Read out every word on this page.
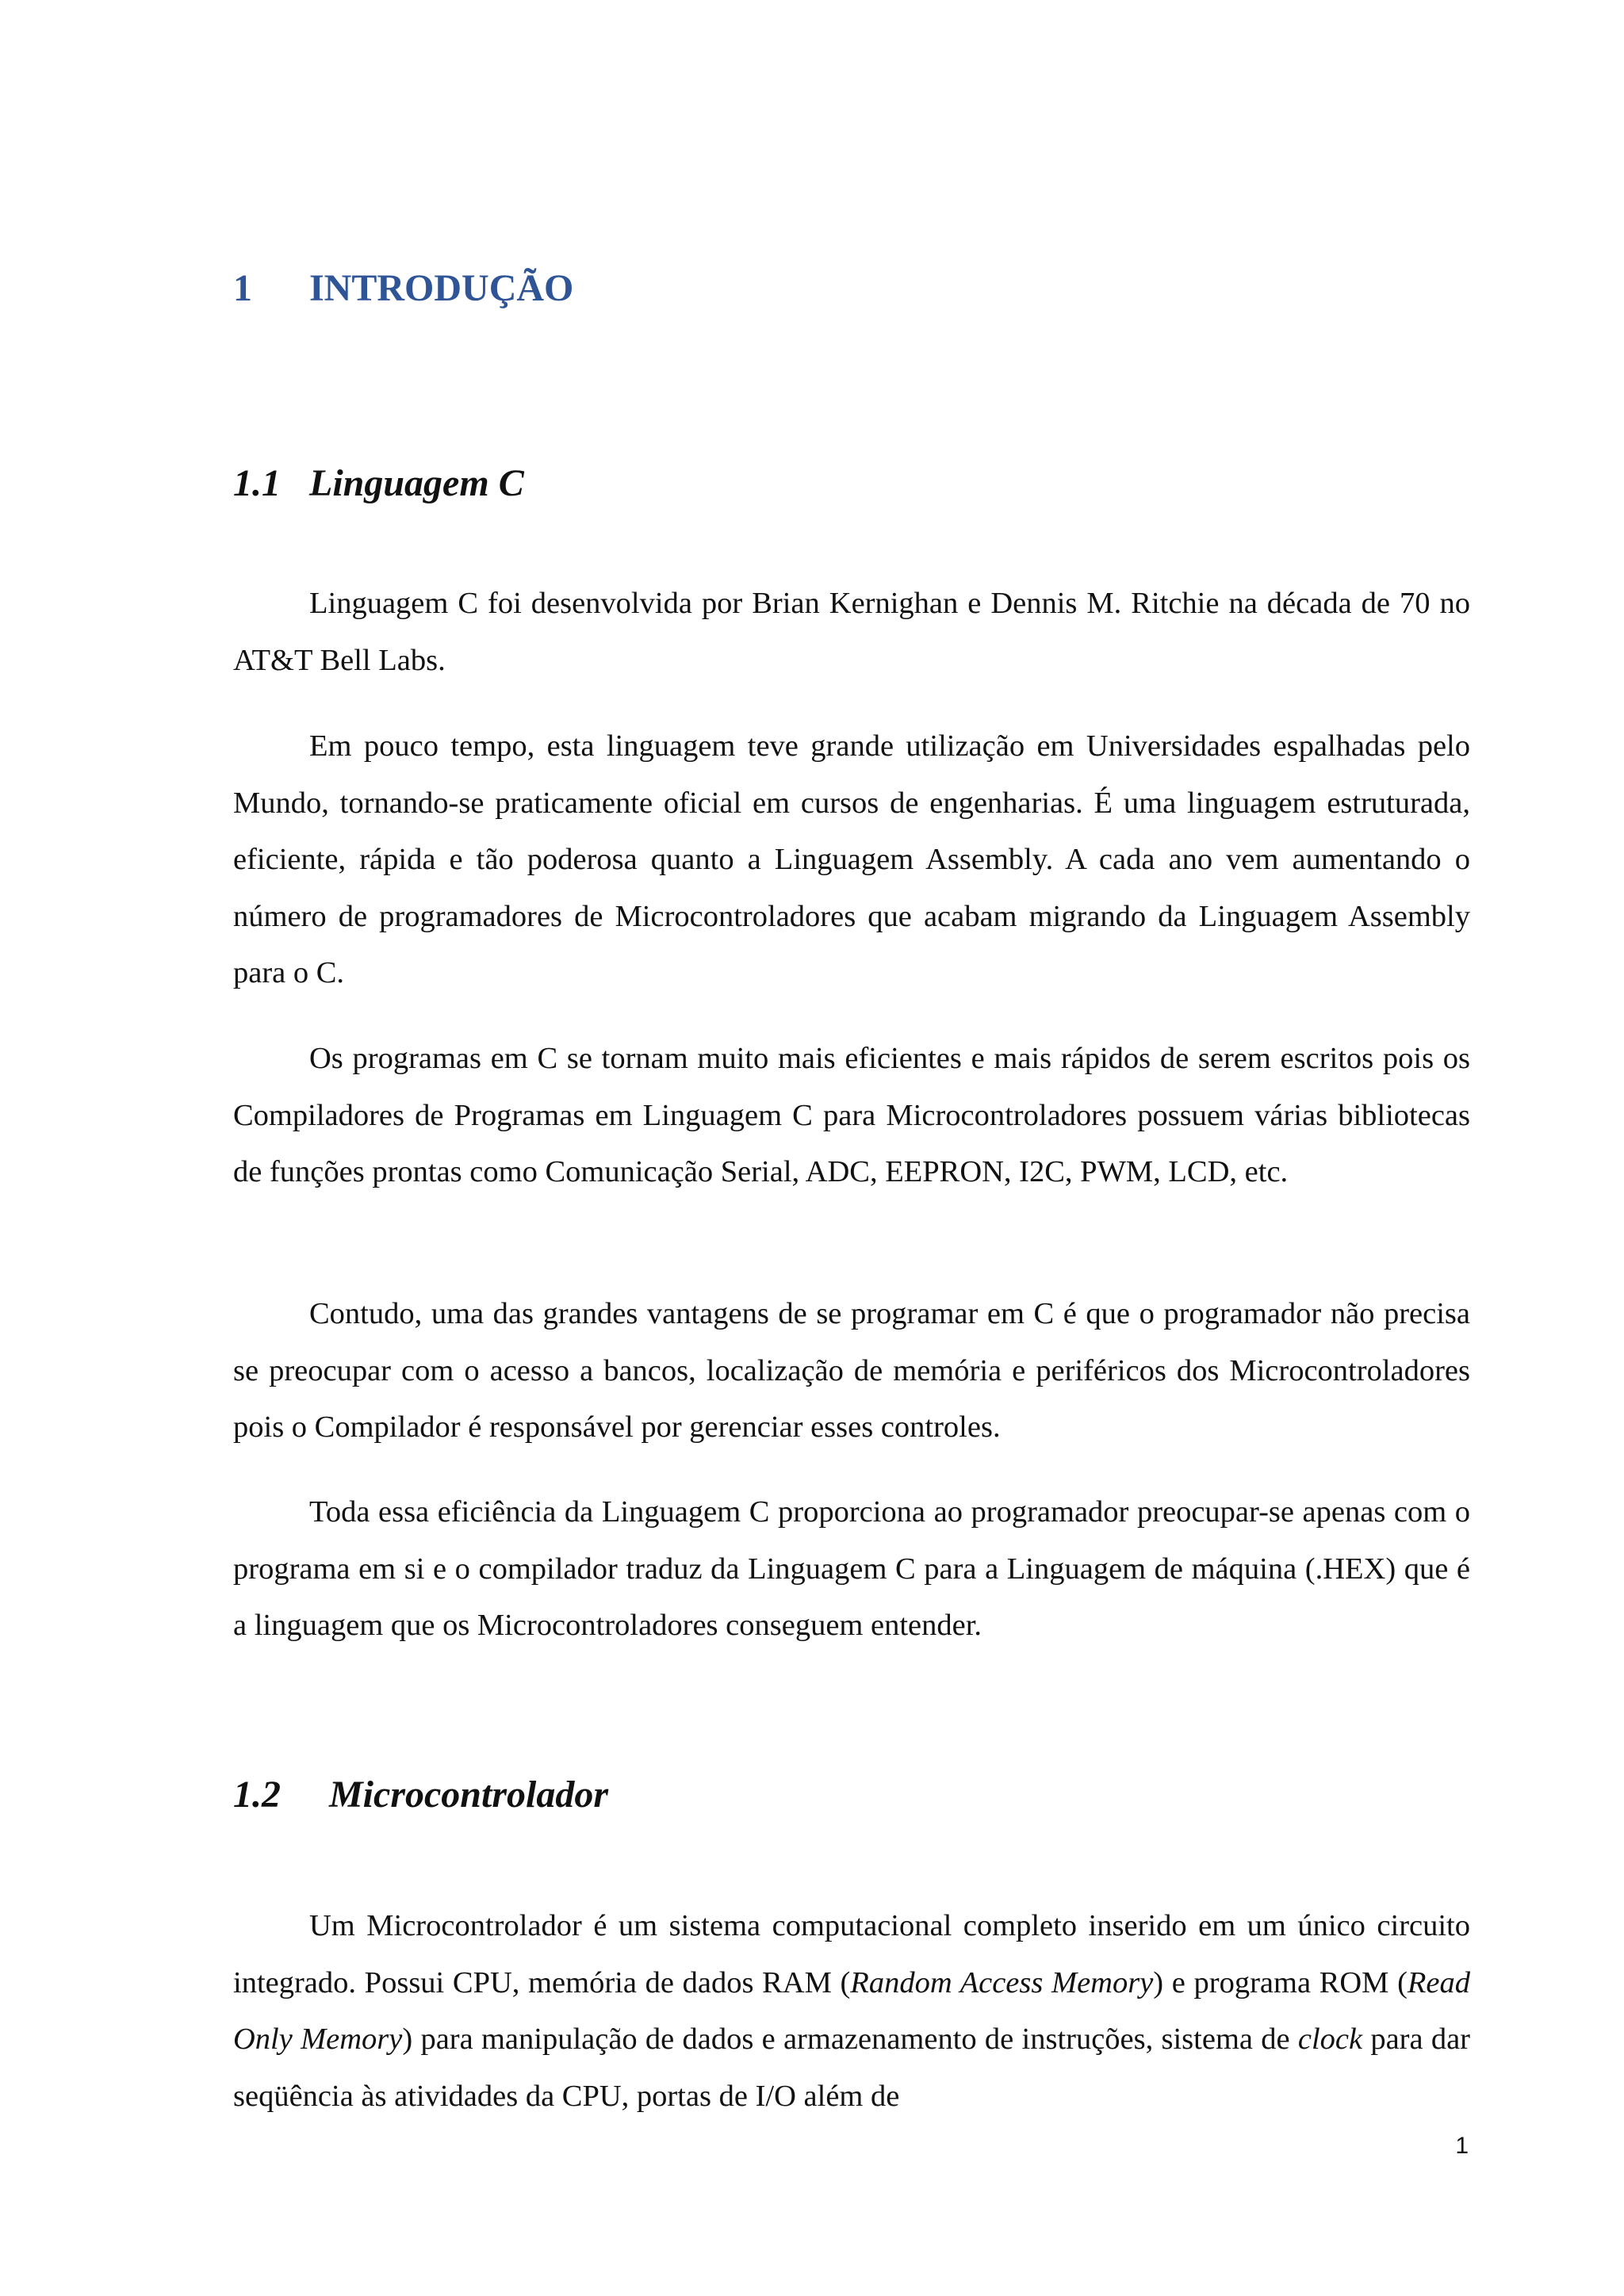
1 INTRODUÇÃO
1.1 Linguagem C

Linguagem C foi desenvolvida por Brian Kernighan e Dennis M. Ritchie na década de 70 no AT&T Bell Labs.

Em pouco tempo, esta linguagem teve grande utilização em Universidades espalhadas pelo Mundo, tornando-se praticamente oficial em cursos de engenharias. É uma linguagem estruturada, eficiente, rápida e tão poderosa quanto a Linguagem Assembly. A cada ano vem aumentando o número de programadores de Microcontroladores que acabam migrando da Linguagem Assembly para o C.

Os programas em C se tornam muito mais eficientes e mais rápidos de serem escritos pois os Compiladores de Programas em Linguagem C para Microcontroladores possuem várias bibliotecas de funções prontas como Comunicação Serial, ADC, EEPRON, I2C, PWM, LCD, etc.

Contudo, uma das grandes vantagens de se programar em C é que o programador não precisa se preocupar com o acesso a bancos, localização de memória e periféricos dos Microcontroladores pois o Compilador é responsável por gerenciar esses controles.

Toda essa eficiência da Linguagem C proporciona ao programador preocupar-se apenas com o programa em si e o compilador traduz da Linguagem C para a Linguagem de máquina (.HEX) que é a linguagem que os Microcontroladores conseguem entender.

1.2 Microcontrolador

Um Microcontrolador é um sistema computacional completo inserido em um único circuito integrado. Possui CPU, memória de dados RAM (Random Access Memory) e programa ROM (Read Only Memory) para manipulação de dados e armazenamento de instruções, sistema de clock para dar seqüência às atividades da CPU, portas de I/O além de

1
